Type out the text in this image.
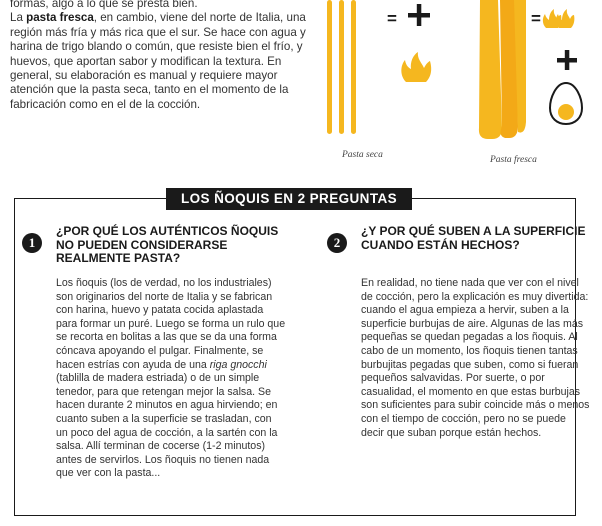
formas, algo a lo que se presta bien.

La pasta fresca, en cambio, viene del norte de Italia, una región más fría y más rica que el sur. Se hace con agua y harina de trigo blando o común, que resiste bien el frío, y huevos, que aportan sabor y modifican la textura. En general, su elaboración es manual y requiere mayor atención que la pasta seca, tanto en el momento de la fabricación como en el de la cocción.

=	=
Pasta seca	Pasta fresca
LOS ÑOQUIS EN 2 PREGUNTAS
1
¿POR QUÉ LOS AUTÉNTICOS ÑOQUIS NO PUEDEN CONSIDERARSE REALMENTE PASTA?
Los ñoquis (los de verdad, no los industriales) son originarios del norte de Italia y se fabrican con harina, huevo y patata cocida aplastada para formar un puré. Luego se forma un rulo que se recorta en bolitas a las que se da una forma cóncava apoyando el pulgar. Finalmente, se hacen estrías con ayuda de una riga gnocchi (tablilla de madera estriada) o de un simple tenedor, para que retengan mejor la salsa. Se hacen durante 2 minutos en agua hirviendo; en cuanto suben a la superficie se trasladan, con un poco del agua de cocción, a la sartén con la salsa. Allí terminan de cocerse (1-2 minutos) antes de servirlos. Los ñoquis no tienen nada que ver con la pasta...
2
¿Y POR QUÉ SUBEN A LA SUPERFICIE CUANDO ESTÁN HECHOS?
En realidad, no tiene nada que ver con el nivel de cocción, pero la explicación es muy divertida: cuando el agua empieza a hervir, suben a la superficie burbujas de aire. Algunas de las más pequeñas se quedan pegadas a los ñoquis. Al cabo de un momento, los ñoquis tienen tantas burbujitas pegadas que suben, como si fueran pequeños salvavidas. Por suerte, o por casualidad, el momento en que estas burbujas son suficientes para subir coincide más o menos con el tiempo de cocción, pero no se puede decir que suban porque están hechos.
